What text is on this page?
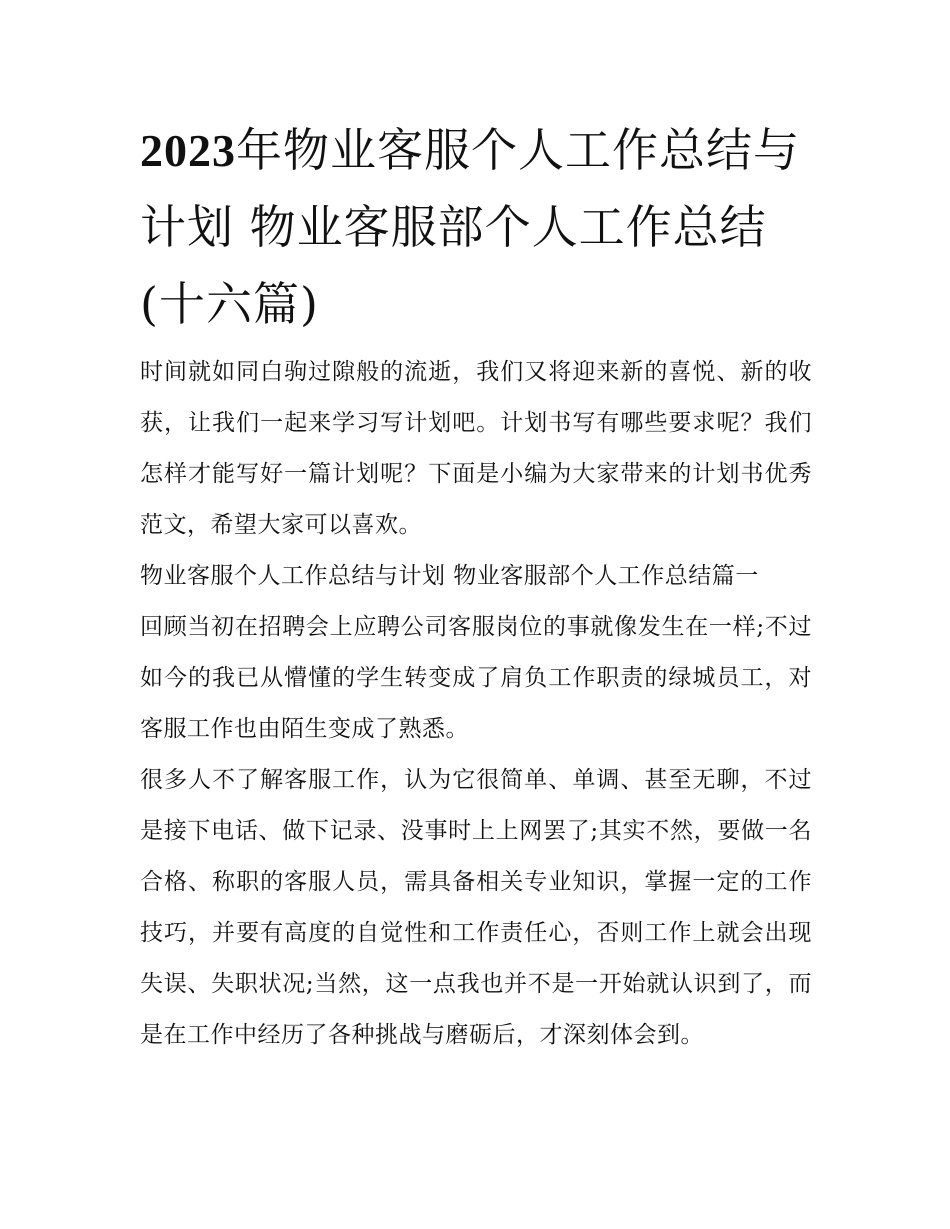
2023年物业客服个人工作总结与计划 物业客服部个人工作总结(十六篇)

时间就如同白驹过隙般的流逝，我们又将迎来新的喜悦、新的收获，让我们一起来学习写计划吧。计划书写有哪些要求呢？我们怎样才能写好一篇计划呢？下面是小编为大家带来的计划书优秀范文，希望大家可以喜欢。

物业客服个人工作总结与计划 物业客服部个人工作总结篇一

回顾当初在招聘会上应聘公司客服岗位的事就像发生在一样;不过如今的我已从懵懂的学生转变成了肩负工作职责的绿城员工，对客服工作也由陌生变成了熟悉。

很多人不了解客服工作，认为它很简单、单调、甚至无聊，不过是接下电话、做下记录、没事时上上网罢了;其实不然，要做一名合格、称职的客服人员，需具备相关专业知识，掌握一定的工作技巧，并要有高度的自觉性和工作责任心，否则工作上就会出现失误、失职状况;当然，这一点我也并不是一开始就认识到了，而是在工作中经历了各种挑战与磨砺后，才深刻体会到。
